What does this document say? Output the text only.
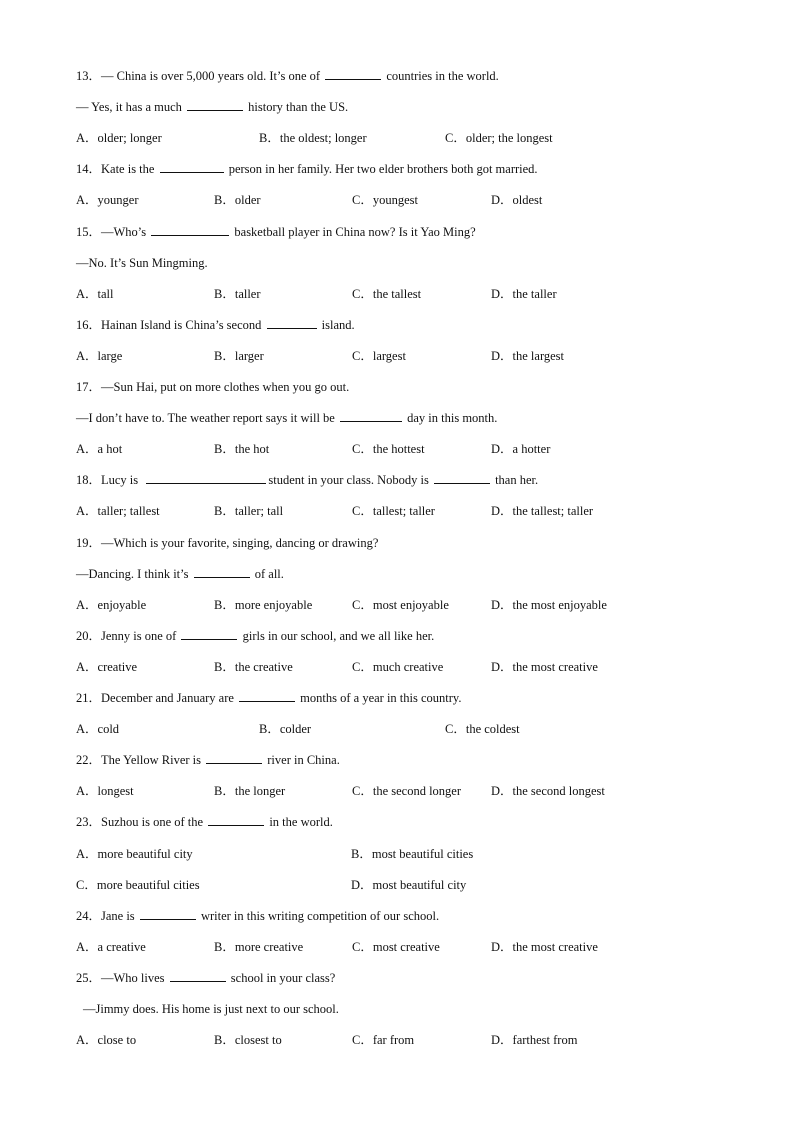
13．— China is over 5,000 years old. It’s one of	countries in the world.
— Yes, it has a much	history than the US.
A．older; longer	B．the oldest; longer	C．older; the longest
14．Kate is the	person in her family. Her two elder brothers both got married.
A．younger	B．older	C．youngest	D．oldest
15．—Who’s	basketball player in China now? Is it Yao Ming?
—No. It’s Sun Mingming.
A．tall	B．taller	C．the tallest	D．the taller
16．Hainan Island is China’s second	island.
A．large	B．larger	C．largest	D．the largest
17．—Sun Hai, put on more clothes when you go out.
—I don’t have to. The weather report says it will be	day in this month.
A．a hot	B．the hot	C．the hottest	D．a hotter
18．Lucy is	student in your class. Nobody is	than her.
A．taller; tallest	B．taller; tall	C．tallest; taller	D．the tallest; taller
19．—Which is your favorite, singing, dancing or drawing?
—Dancing. I think it’s	of all.
A．enjoyable	B．more enjoyable	C．most enjoyable	D．the most enjoyable
20．Jenny is one of	girls in our school, and we all like her.
A．creative	B．the creative	C．much creative	D．the most creative
21．December and January are	months of a year in this country.
A．cold	B．colder	C．the coldest
22．The Yellow River is	river in China.
A．longest	B．the longer	C．the second longer D．the second longest
23．Suzhou is one of the	in the world.
A．more beautiful city	B．most beautiful cities
C．more beautiful cities	D．most beautiful city
24．Jane is	writer in this writing competition of our school.
A．a creative	B．more creative	C．most creative	D．the most creative
25．—Who lives	school in your class?
—Jimmy does. His home is just next to our school.
A．close to	B．closest to	C．far from	D．farthest from
